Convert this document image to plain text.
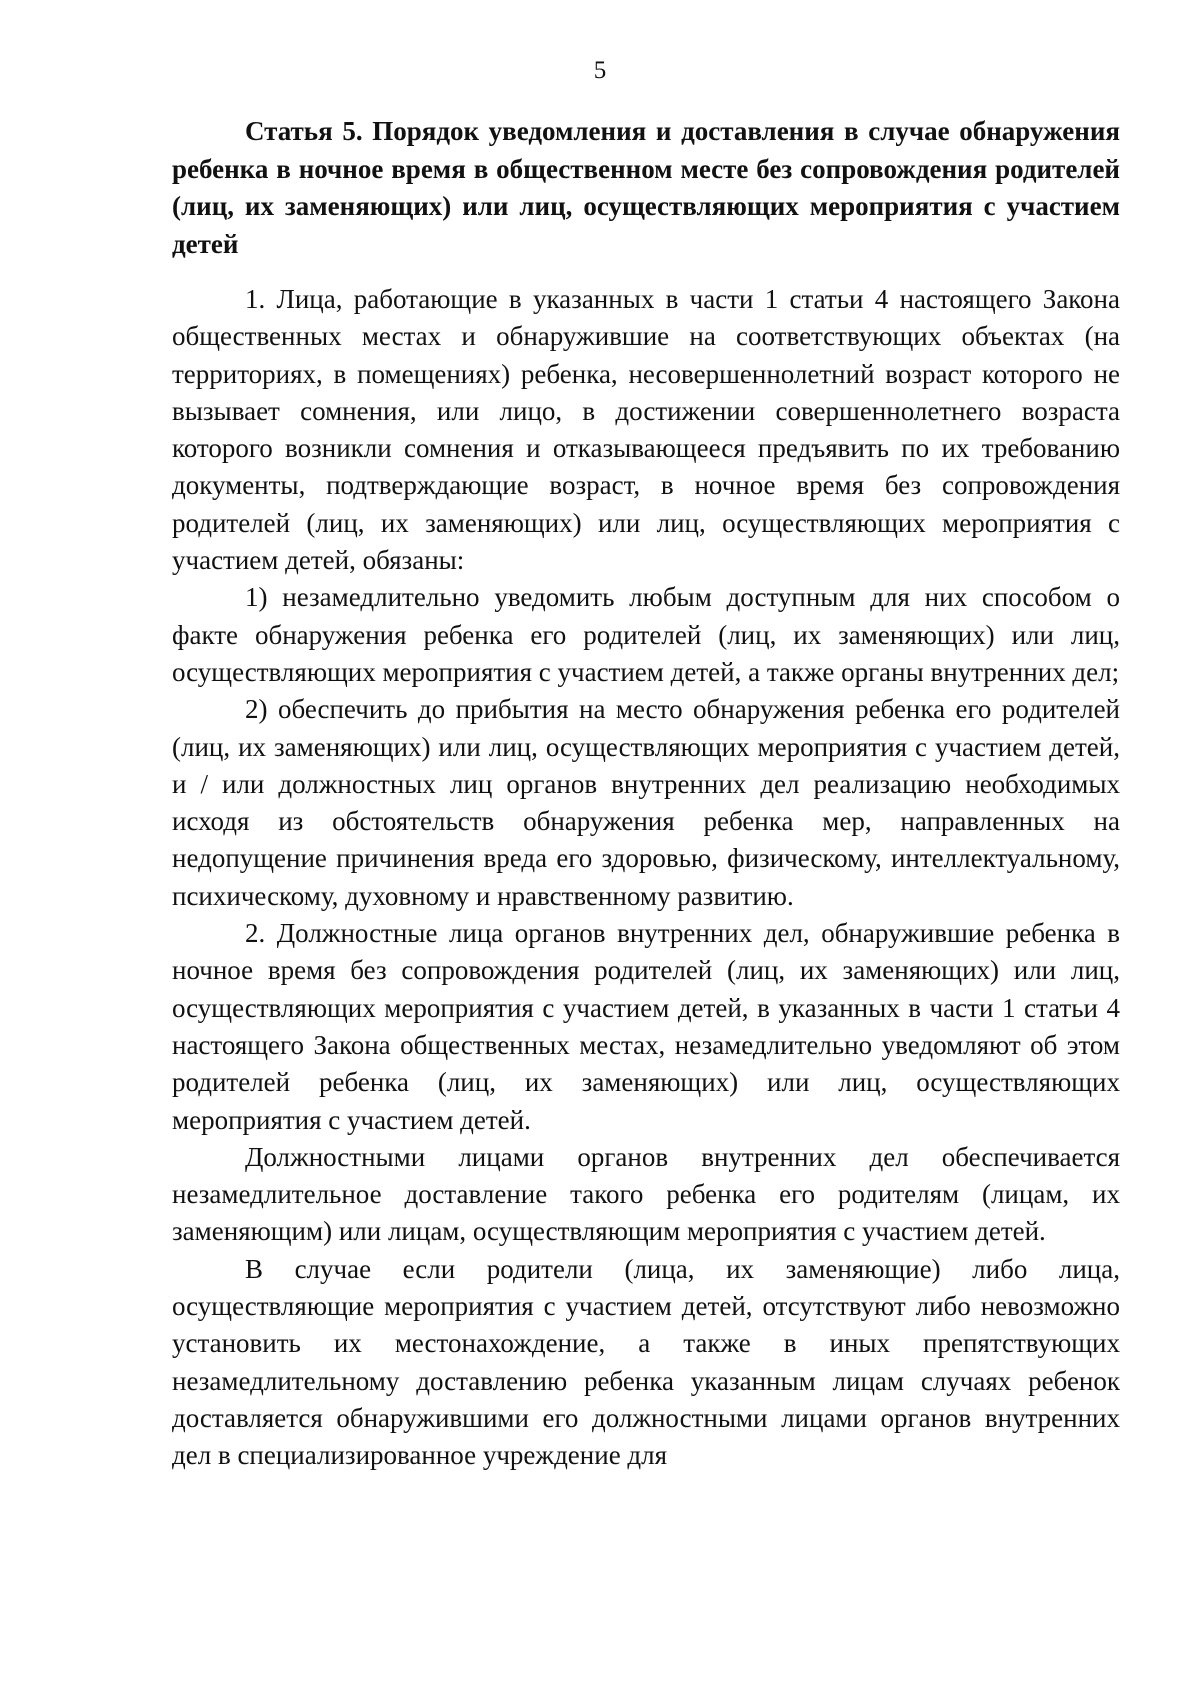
5

Статья 5. Порядок уведомления и доставления в случае обнаружения ребенка в ночное время в общественном месте без сопровождения родителей (лиц, их заменяющих) или лиц, осуществляющих мероприятия с участием детей

1. Лица, работающие в указанных в части 1 статьи 4 настоящего Закона общественных местах и обнаружившие на соответствующих объектах (на территориях, в помещениях) ребенка, несовершеннолетний возраст которого не вызывает сомнения, или лицо, в достижении совершеннолетнего возраста которого возникли сомнения и отказывающееся предъявить по их требованию документы, подтверждающие возраст, в ночное время без сопровождения родителей (лиц, их заменяющих) или лиц, осуществляющих мероприятия с участием детей, обязаны:

1) незамедлительно уведомить любым доступным для них способом о факте обнаружения ребенка его родителей (лиц, их заменяющих) или лиц, осуществляющих мероприятия с участием детей, а также органы внутренних дел;

2) обеспечить до прибытия на место обнаружения ребенка его родителей (лиц, их заменяющих) или лиц, осуществляющих мероприятия с участием детей, и / или должностных лиц органов внутренних дел реализацию необходимых исходя из обстоятельств обнаружения ребенка мер, направленных на недопущение причинения вреда его здоровью, физическому, интеллектуальному, психическому, духовному и нравственному развитию.

2. Должностные лица органов внутренних дел, обнаружившие ребенка в ночное время без сопровождения родителей (лиц, их заменяющих) или лиц, осуществляющих мероприятия с участием детей, в указанных в части 1 статьи 4 настоящего Закона общественных местах, незамедлительно уведомляют об этом родителей ребенка (лиц, их заменяющих) или лиц, осуществляющих мероприятия с участием детей.

Должностными лицами органов внутренних дел обеспечивается незамедлительное доставление такого ребенка его родителям (лицам, их заменяющим) или лицам, осуществляющим мероприятия с участием детей.

В случае если родители (лица, их заменяющие) либо лица, осуществляющие мероприятия с участием детей, отсутствуют либо невозможно установить их местонахождение, а также в иных препятствующих незамедлительному доставлению ребенка указанным лицам случаях ребенок доставляется обнаружившими его должностными лицами органов внутренних дел в специализированное учреждение для
